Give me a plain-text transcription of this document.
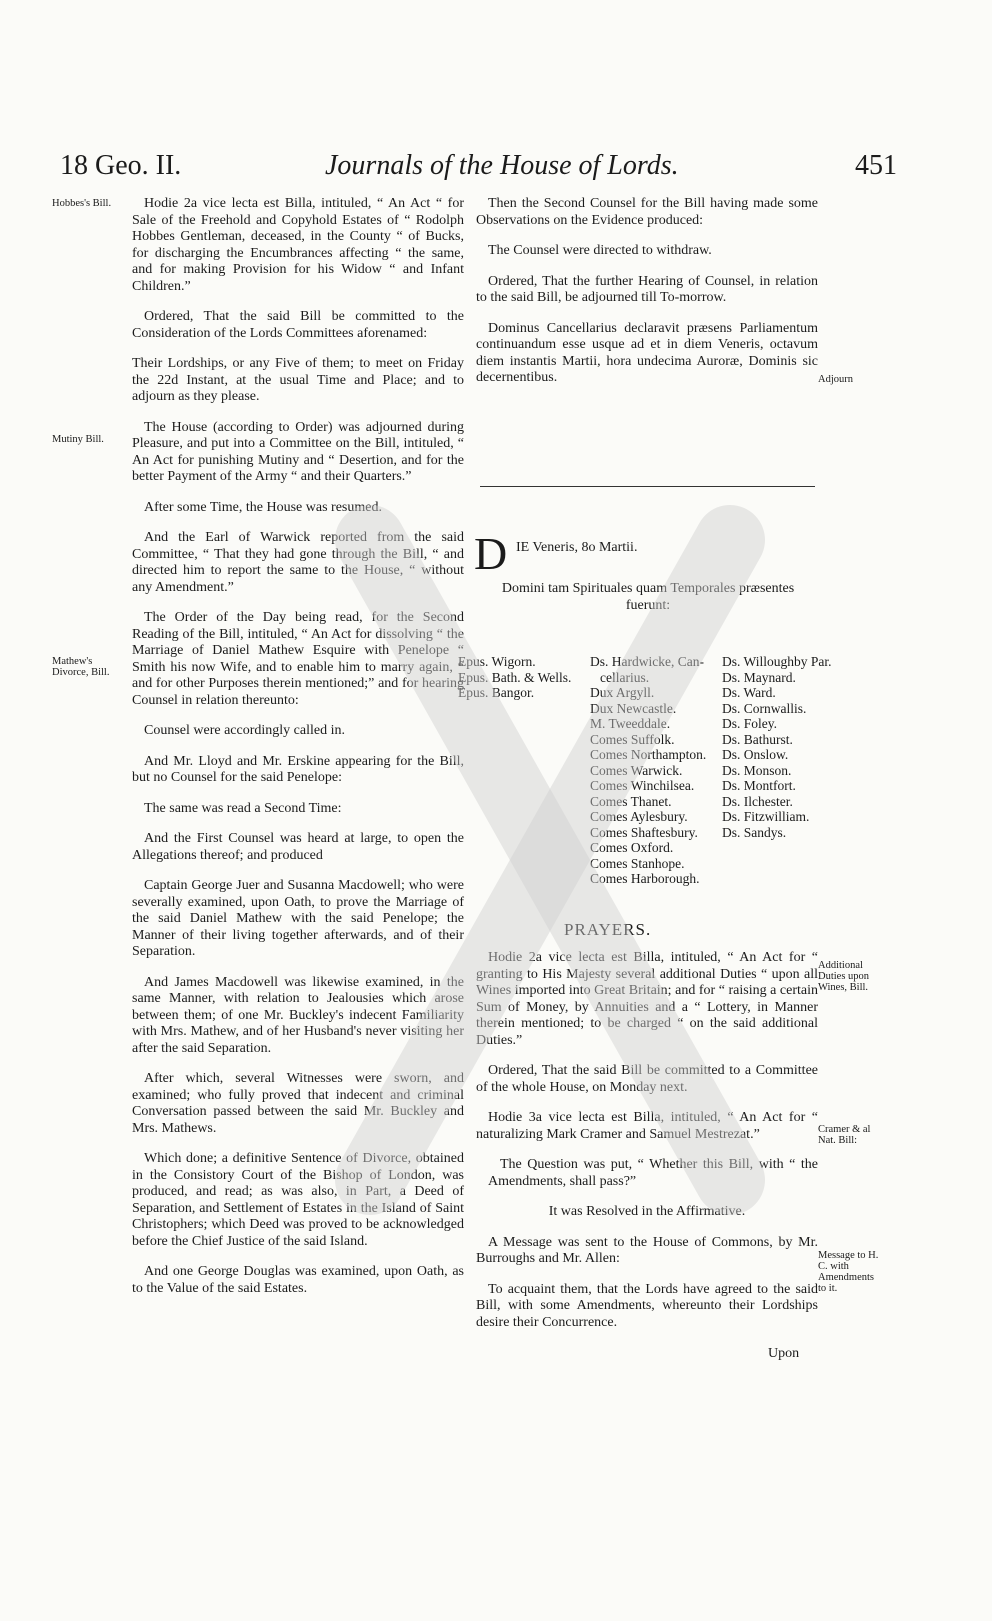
18 Geo. II.	Journals of the House of Lords.	451
Hobbes's Bill.
Mutiny Bill.
Mathew's Divorce, Bill.
Adjourn
Additional Duties upon Wines, Bill.
Cramer & al Nat. Bill:
Message to H. C. with Amendments to it.

Hodie 2a vice lecta est Billa, intituled, “ An Act “ for Sale of the Freehold and Copyhold Estates of “ Rodolph Hobbes Gentleman, deceased, in the County “ of Bucks, for discharging the Encumbrances affecting “ the same, and for making Provision for his Widow “ and Infant Children.”

Ordered, That the said Bill be committed to the Consideration of the Lords Committees aforenamed:

Their Lordships, or any Five of them; to meet on Friday the 22d Instant, at the usual Time and Place; and to adjourn as they please.

The House (according to Order) was adjourned during Pleasure, and put into a Committee on the Bill, intituled, “ An Act for punishing Mutiny and “ Desertion, and for the better Payment of the Army “ and their Quarters.”

After some Time, the House was resumed.

And the Earl of Warwick reported from the said Committee, “ That they had gone through the Bill, “ and directed him to report the same to the House, “ without any Amendment.”

The Order of the Day being read, for the Second Reading of the Bill, intituled, “ An Act for dissolving “ the Marriage of Daniel Mathew Esquire with Penelope “ Smith his now Wife, and to enable him to marry again, “ and for other Purposes therein mentioned;” and for hearing Counsel in relation thereunto:

Counsel were accordingly called in.

And Mr. Lloyd and Mr. Erskine appearing for the Bill, but no Counsel for the said Penelope:

The same was read a Second Time:

And the First Counsel was heard at large, to open the Allegations thereof; and produced

Captain George Juer and Susanna Macdowell; who were severally examined, upon Oath, to prove the Marriage of the said Daniel Mathew with the said Penelope; the Manner of their living together afterwards, and of their Separation.

And James Macdowell was likewise examined, in the same Manner, with relation to Jealousies which arose between them; of one Mr. Buckley's indecent Familiarity with Mrs. Mathew, and of her Husband's never visiting her after the said Separation.

After which, several Witnesses were sworn, and examined; who fully proved that indecent and criminal Conversation passed between the said Mr. Buckley and Mrs. Mathews.

Which done; a definitive Sentence of Divorce, obtained in the Consistory Court of the Bishop of London, was produced, and read; as was also, in Part, a Deed of Separation, and Settlement of Estates in the Island of Saint Christophers; which Deed was proved to be acknowledged before the Chief Justice of the said Island.

And one George Douglas was examined, upon Oath, as to the Value of the said Estates.

Then the Second Counsel for the Bill having made some Observations on the Evidence produced:

The Counsel were directed to withdraw.

Ordered, That the further Hearing of Counsel, in relation to the said Bill, be adjourned till To-morrow.

Dominus Cancellarius declaravit præsens Parliamentum continuandum esse usque ad et in diem Veneris, octavum diem instantis Martii, hora undecima Auroræ, Dominis sic decernentibus.

D IE Veneris, 8o Martii.
Domini tam Spirituales quam Temporales præsentes fuerunt:
Epus. Wigorn.
Epus. Bath. & Wells.
Epus. Bangor.
Ds. Hardwicke, Can-
cellarius.
Dux Argyll.
Dux Newcastle.
M. Tweeddale.
Comes Suffolk.
Comes Northampton.
Comes Warwick.
Comes Winchilsea.
Comes Thanet.
Comes Aylesbury.
Comes Shaftesbury.
Comes Oxford.
Comes Stanhope.
Comes Harborough.
Ds. Willoughby Par.
Ds. Maynard.
Ds. Ward.
Ds. Cornwallis.
Ds. Foley.
Ds. Bathurst.
Ds. Onslow.
Ds. Monson.
Ds. Montfort.
Ds. Ilchester.
Ds. Fitzwilliam.
Ds. Sandys.
PRAYERS.

Hodie 2a vice lecta est Billa, intituled, “ An Act for “ granting to His Majesty several additional Duties “ upon all Wines imported into Great Britain; and for “ raising a certain Sum of Money, by Annuities and a “ Lottery, in Manner therein mentioned; to be charged “ on the said additional Duties.”

Ordered, That the said Bill be committed to a Committee of the whole House, on Monday next.

Hodie 3a vice lecta est Billa, intituled, “ An Act for “ naturalizing Mark Cramer and Samuel Mestrezat.”

The Question was put, “ Whether this Bill, with “ the Amendments, shall pass?”

It was Resolved in the Affirmative.

A Message was sent to the House of Commons, by Mr. Burroughs and Mr. Allen:

To acquaint them, that the Lords have agreed to the said Bill, with some Amendments, whereunto their Lordships desire their Concurrence.

Upon
